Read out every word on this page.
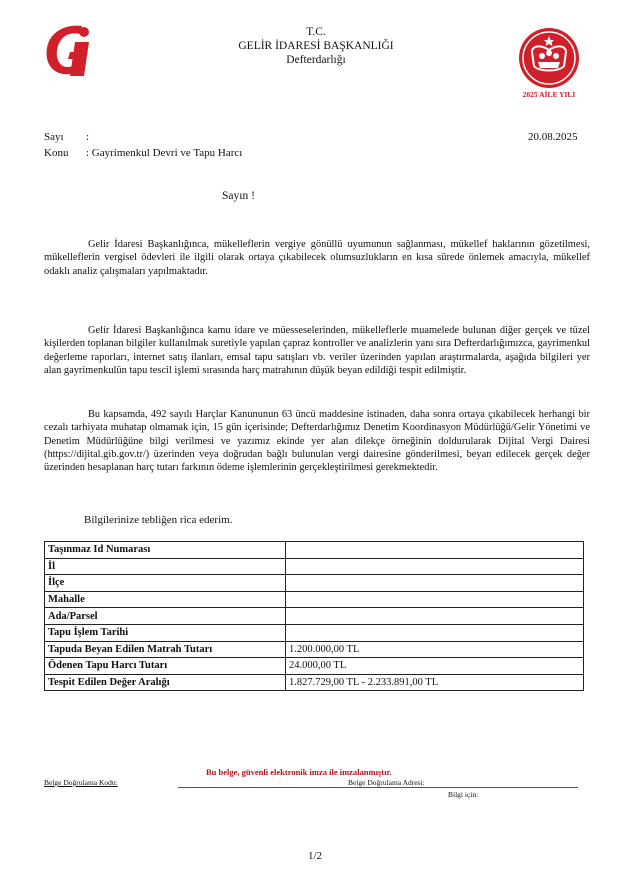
T.C.
GELİR İDARESİ BAŞKANLIĞI
Defterdarlığı
2025 AİLE YILI
Sayı :
Konu : Gayrimenkul Devri ve Tapu Harcı
20.08.2025
Sayın !

Gelir İdaresi Başkanlığınca, mükelleflerin vergiye gönüllü uyumunun sağlanması, mükellef haklarının gözetilmesi, mükelleflerin vergisel ödevleri ile ilgili olarak ortaya çıkabilecek olumsuzlukların en kısa sürede önlemek amacıyla, mükellef odaklı analiz çalışmaları yapılmaktadır.

Gelir İdaresi Başkanlığınca kamu idare ve müesseselerinden, mükelleflerle muamelede bulunan diğer gerçek ve tüzel kişilerden toplanan bilgiler kullanılmak suretiyle yapılan çapraz kontroller ve analizlerin yanı sıra Defterdarlığımızca, gayrimenkul değerleme raporları, internet satış ilanları, emsal tapu satışları vb. veriler üzerinden yapılan araştırmalarda, aşağıda bilgileri yer alan gayrimenkulün tapu tescil işlemi sırasında harç matrahının düşük beyan edildiği tespit edilmiştir.

Bu kapsamda, 492 sayılı Harçlar Kanununun 63 üncü maddesine istinaden, daha sonra ortaya çıkabilecek herhangi bir cezalı tarhiyata muhatap olmamak için, 15 gün içerisinde; Defterdarlığımız Denetim Koordinasyon Müdürlüğü/Gelir Yönetimi ve Denetim Müdürlüğüne bilgi verilmesi ve yazımız ekinde yer alan dilekçe örneğinin doldurularak Dijital Vergi Dairesi (https://dijital.gib.gov.tr/) üzerinden veya doğrudan bağlı bulunulan vergi dairesine gönderilmesi, beyan edilecek gerçek değer üzerinden hesaplanan harç tutarı farkının ödeme işlemlerinin gerçekleştirilmesi gerekmektedir.

Bilgilerinize tebliğen rica ederim.
Taşınmaz Id Numarası	
İl	
İlçe	
Mahalle	
Ada/Parsel	
Tapu İşlem Tarihi	
Tapuda Beyan Edilen Matrah Tutarı	1.200.000,00 TL
Ödenen Tapu Harcı Tutarı	24.000,00 TL
Tespit Edilen Değer Aralığı	1.827.729,00 TL - 2.233.891,00 TL
Bu belge, güvenli elektronik imza ile imzalanmıştır.
Belge Doğrulama Kodu:	Belge Doğrulama Adresi:
Bilgi için:
1/2
